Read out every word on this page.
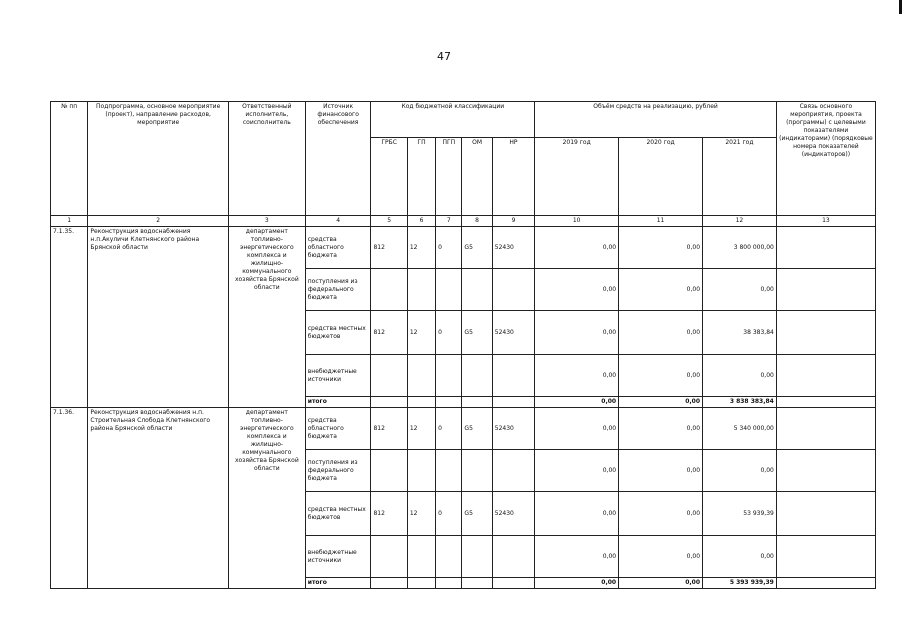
47
№ пп	Подпрограмма, основное мероприятие (проект), направление расходов, мероприятие	Ответственный исполнитель, соисполнитель	Источник финансового обеспечения	Код бюджетной классификации					Объём средств на реализацию, рублей			Связь основного мероприятия, проекта (программы) с целевыми показателями (индикаторами) (порядковые номера показателей (индикаторов))
				ГРБС	ГП	ПГП	ОМ	НР	2019 год	2020 год	2021 год	
1	2	3	4	5	6	7	8	9	10	11	12	13
7.1.35.	Реконструкция водоснабжения н.п.Акуличи Клетнянского района Брянской области	департамент топливно-энергетического комплекса и жилищно-коммунального хозяйства Брянской области	средства областного бюджета	812	12	0	G5	52430	0,00	0,00	3 800 000,00	
			поступления из федерального бюджета						0,00	0,00	0,00	
			средства местных бюджетов	812	12	0	G5	52430	0,00	0,00	38 383,84	
			внебюджетные источники						0,00	0,00	0,00	
			итого						0,00	0,00	3 838 383,84	
7.1.36.	Реконструкция водоснабжения н.п. Строительная Слобода Клетнянского района Брянской области	департамент топливно-энергетического комплекса и жилищно-коммунального хозяйства Брянской области	средства областного бюджета	812	12	0	G5	52430	0,00	0,00	5 340 000,00	
			поступления из федерального бюджета						0,00	0,00	0,00	
			средства местных бюджетов	812	12	0	G5	52430	0,00	0,00	53 939,39	
			внебюджетные источники						0,00	0,00	0,00	
			итого						0,00	0,00	5 393 939,39	
